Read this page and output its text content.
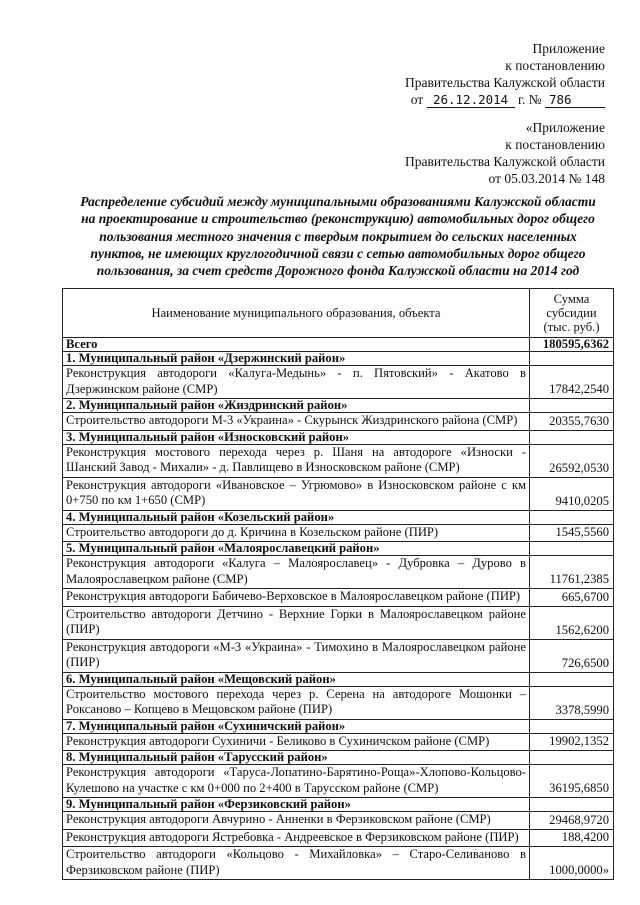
Приложение
к постановлению
Правительства Калужской области
от 26.12.2014 г. № 786
«Приложение
к постановлению
Правительства Калужской области
от 05.03.2014 № 148
Распределение субсидий между муниципальными образованиями Калужской области на проектирование и строительство (реконструкцию) автомобильных дорог общего пользования местного значения с твердым покрытием до сельских населенных пунктов, не имеющих круглогодичной связи с сетью автомобильных дорог общего пользования, за счет средств Дорожного фонда Калужской области на 2014 год
Наименование муниципального образования, объекта	Сумма
субсидии
(тыс. руб.)

Всего	180595,6362
1. Муниципальный район «Дзержинский район»	
Реконструкция автодороги «Калуга-Медынь» - п. Пятовский» - Акатово в Дзержинском районе (СМР)	17842,2540
2. Муниципальный район «Жиздринский район»	
Строительство автодороги М-3 «Украина» - Скурынск Жиздринского района (СМР)	20355,7630
3. Муниципальный район «Износковский район»	
Реконструкция мостового перехода через р. Шаня на автодороге «Износки - Шанский Завод - Михали» - д. Павлищево в Износковском районе (СМР)	26592,0530
Реконструкция автодороги «Ивановское – Угрюмово» в Износковском районе с км 0+750 по км 1+650 (СМР)	9410,0205
4. Муниципальный район «Козельский район»	
Строительство автодороги до д. Кричина в Козельском районе (ПИР)	1545,5560
5. Муниципальный район «Малоярославецкий район»	
Реконструкция автодороги «Калуга – Малоярославец» - Дубровка – Дурово в Малоярославецком районе (СМР)	11761,2385
Реконструкция автодороги Бабичево-Верховское в Малоярославецком районе (ПИР)	665,6700
Строительство автодороги Детчино - Верхние Горки в Малоярославецком районе (ПИР)	1562,6200
Реконструкция автодороги «М-3 «Украина» - Тимохино в Малоярославецком районе (ПИР)	726,6500
6. Муниципальный район «Мещовский район»	
Строительство мостового перехода через р. Серена на автодороге Мошонки – Роксаново – Копцево в Мещовском районе (ПИР)	3378,5990
7. Муниципальный район «Сухиничский район»	
Реконструкция автодороги Сухиничи - Беликово в Сухиничском районе (СМР)	19902,1352
8. Муниципальный район «Тарусский район»	
Реконструкция автодороги «Таруса-Лопатино-Барятино-Роща»-Хлопово-Кольцово-Кулешово на участке с км 0+000 по 2+400 в Тарусском районе (СМР)	36195,6850
9. Муниципальный район «Ферзиковский район»	
Реконструкция автодороги Авчурино - Анненки в Ферзиковском районе (СМР)	29468,9720
Реконструкция автодороги Ястребовка - Андреевское в Ферзиковском районе (ПИР)	188,4200
Строительство автодороги «Кольцово - Михайловка» – Старо-Селиваново в Ферзиковском районе (ПИР)	1000,0000»
